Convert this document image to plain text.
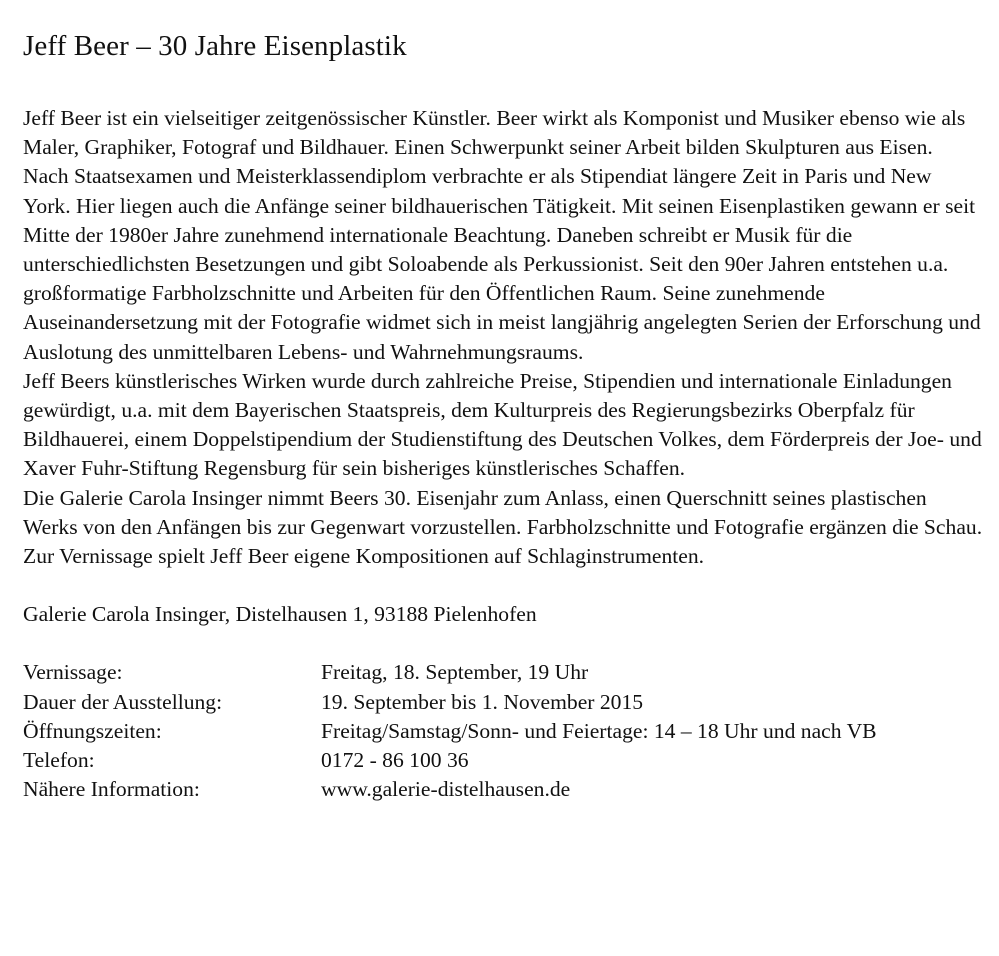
Jeff Beer – 30 Jahre Eisenplastik

Jeff Beer ist ein vielseitiger zeitgenössischer Künstler. Beer wirkt als Komponist und Musiker ebenso wie als Maler, Graphiker, Fotograf und Bildhauer. Einen Schwerpunkt seiner Arbeit bilden Skulpturen aus Eisen. Nach Staatsexamen und Meisterklassendiplom verbrachte er als Stipendiat längere Zeit in Paris und New York. Hier liegen auch die Anfänge seiner bildhauerischen Tätigkeit. Mit seinen Eisenplastiken gewann er seit Mitte der 1980er Jahre zunehmend internationale Beachtung. Daneben schreibt er Musik für die unterschiedlichsten Besetzungen und gibt Soloabende als Perkussionist. Seit den 90er Jahren entstehen u.a. großformatige Farbholzschnitte und Arbeiten für den Öffentlichen Raum. Seine zunehmende Auseinandersetzung mit der Fotografie widmet sich in meist langjährig angelegten Serien der Erforschung und Auslotung des unmittelbaren Lebens- und Wahrnehmungsraums.

Jeff Beers künstlerisches Wirken wurde durch zahlreiche Preise, Stipendien und internationale Einladungen gewürdigt, u.a. mit dem Bayerischen Staatspreis, dem Kulturpreis des Regierungsbezirks Oberpfalz für Bildhauerei, einem Doppelstipendium der Studienstiftung des Deutschen Volkes, dem Förderpreis der Joe- und Xaver Fuhr-Stiftung Regensburg für sein bisheriges künstlerisches Schaffen.

Die Galerie Carola Insinger nimmt Beers 30. Eisenjahr zum Anlass, einen Querschnitt seines plastischen Werks von den Anfängen bis zur Gegenwart vorzustellen. Farbholzschnitte und Fotografie ergänzen die Schau. Zur Vernissage spielt Jeff Beer eigene Kompositionen auf Schlaginstrumenten.

Galerie Carola Insinger, Distelhausen 1, 93188 Pielenhofen

Vernissage:	Freitag, 18. September, 19 Uhr
Dauer der Ausstellung:	19. September bis 1. November 2015
Öffnungszeiten:	Freitag/Samstag/Sonn- und Feiertage: 14 – 18 Uhr und nach VB
Telefon:	0172 - 86 100 36
Nähere Information:	www.galerie-distelhausen.de
